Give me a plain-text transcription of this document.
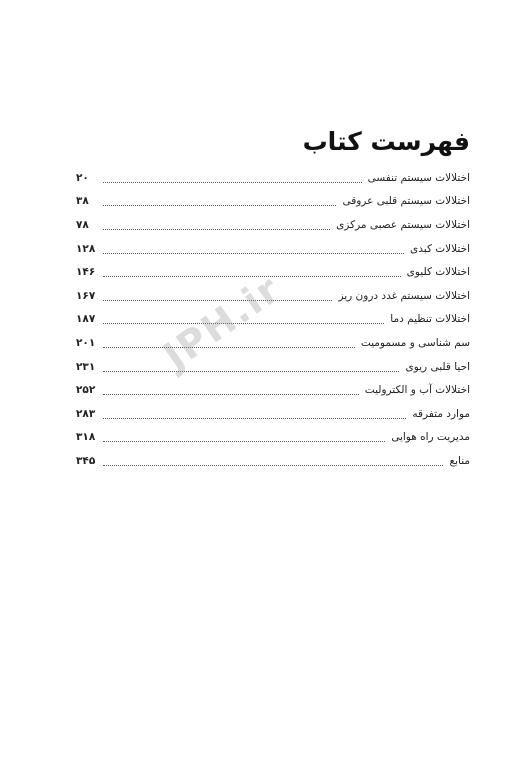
فهرست کتاب
اختلالات سیستم تنفسی
۲۰
اختلالات سیستم قلبی عروقی
۳۸
اختلالات سیستم عصبی مرکزی
۷۸
اختلالات کبدی
۱۲۸
اختلالات کلیوی
۱۴۶
اختلالات سیستم غدد درون ریز
۱۶۷
اختلالات تنظیم دما
۱۸۷
سم شناسی و مسمومیت
۲۰۱
احیا قلبی ریوی
۲۳۱
اختلالات آب و الکترولیت
۲۵۲
موارد متفرقه
۲۸۳
مدیریت راه هوایی
۳۱۸
منابع
۳۴۵
JPH.ir
